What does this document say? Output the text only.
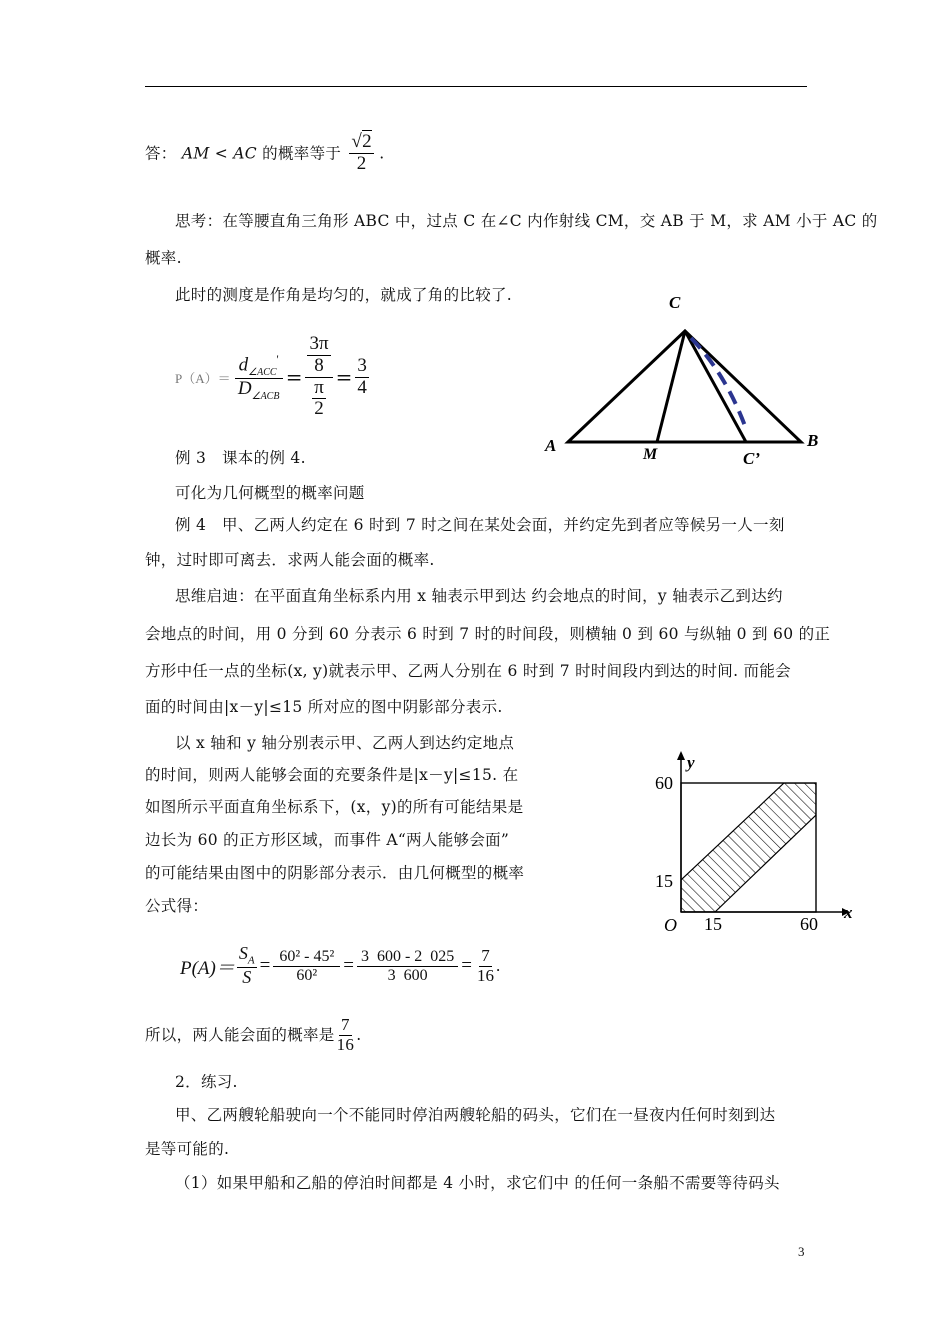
答： AM < AC 的概率等于 $\frac{√2}{2}$ .
思考：在等腰直角三角形 ABC 中，过点 C 在∠C 内作射线 CM，交 AB 于 M，求 AM 小于 AC 的
概率.
此时的测度是作角是均匀的，就成了角的比较了.
$P(A)= \frac{d_{\angle ACC}'}{D_{\angle ACB}} = 3\pi$
8
π
$2 = \frac{3}{4}$
C
A	B
M	C’
例 3　课本的例 4.
可化为几何概型的概率问题
例 4　甲、乙两人约定在 6 时到 7 时之间在某处会面，并约定先到者应等候另一人一刻
钟，过时即可离去．求两人能会面的概率.
思维启迪：在平面直角坐标系内用 x 轴表示甲到达 约会地点的时间，y 轴表示乙到达约
会地点的时间，用 0 分到 60 分表示 6 时到 7 时的时间段，则横轴 0 到 60 与纵轴 0 到 60 的正
方形中任一点的坐标(x, y)就表示甲、乙两人分别在 6 时到 7 时时间段内到达的时间. 而能会
面的时间由|x－y|≤15 所对应的图中阴影部分表示.
以 x 轴和 y 轴分别表示甲、乙两人到达约定地点
的时间，则两人能够会面的充要条件是|x－y|≤15. 在
如图所示平面直角坐标系下，(x，y)的所有可能结果是
边长为 60 的正方形区域，而事件 A“两人能够会面”
的可能结果由图中的阴影部分表示．由几何概型的概率
公式得：
y
x
O
60
15
15	60
$P(A)= \frac{S_A}{S} = \frac{\text{60² - 45²}}{\text{60²}} = \frac{3 600 - 2 025}{3 600} = \frac{7}{16}$ .
所以，两人能会面的概率是 $\frac{7}{16}$ .
2．练习.
甲、乙两艘轮船驶向一个不能同时停泊两艘轮船的码头，它们在一昼夜内任何时刻到达
是等可能的.
（1）如果甲船和乙船的停泊时间都是 4 小时，求它们中 的任何一条船不需要等待码头
3
